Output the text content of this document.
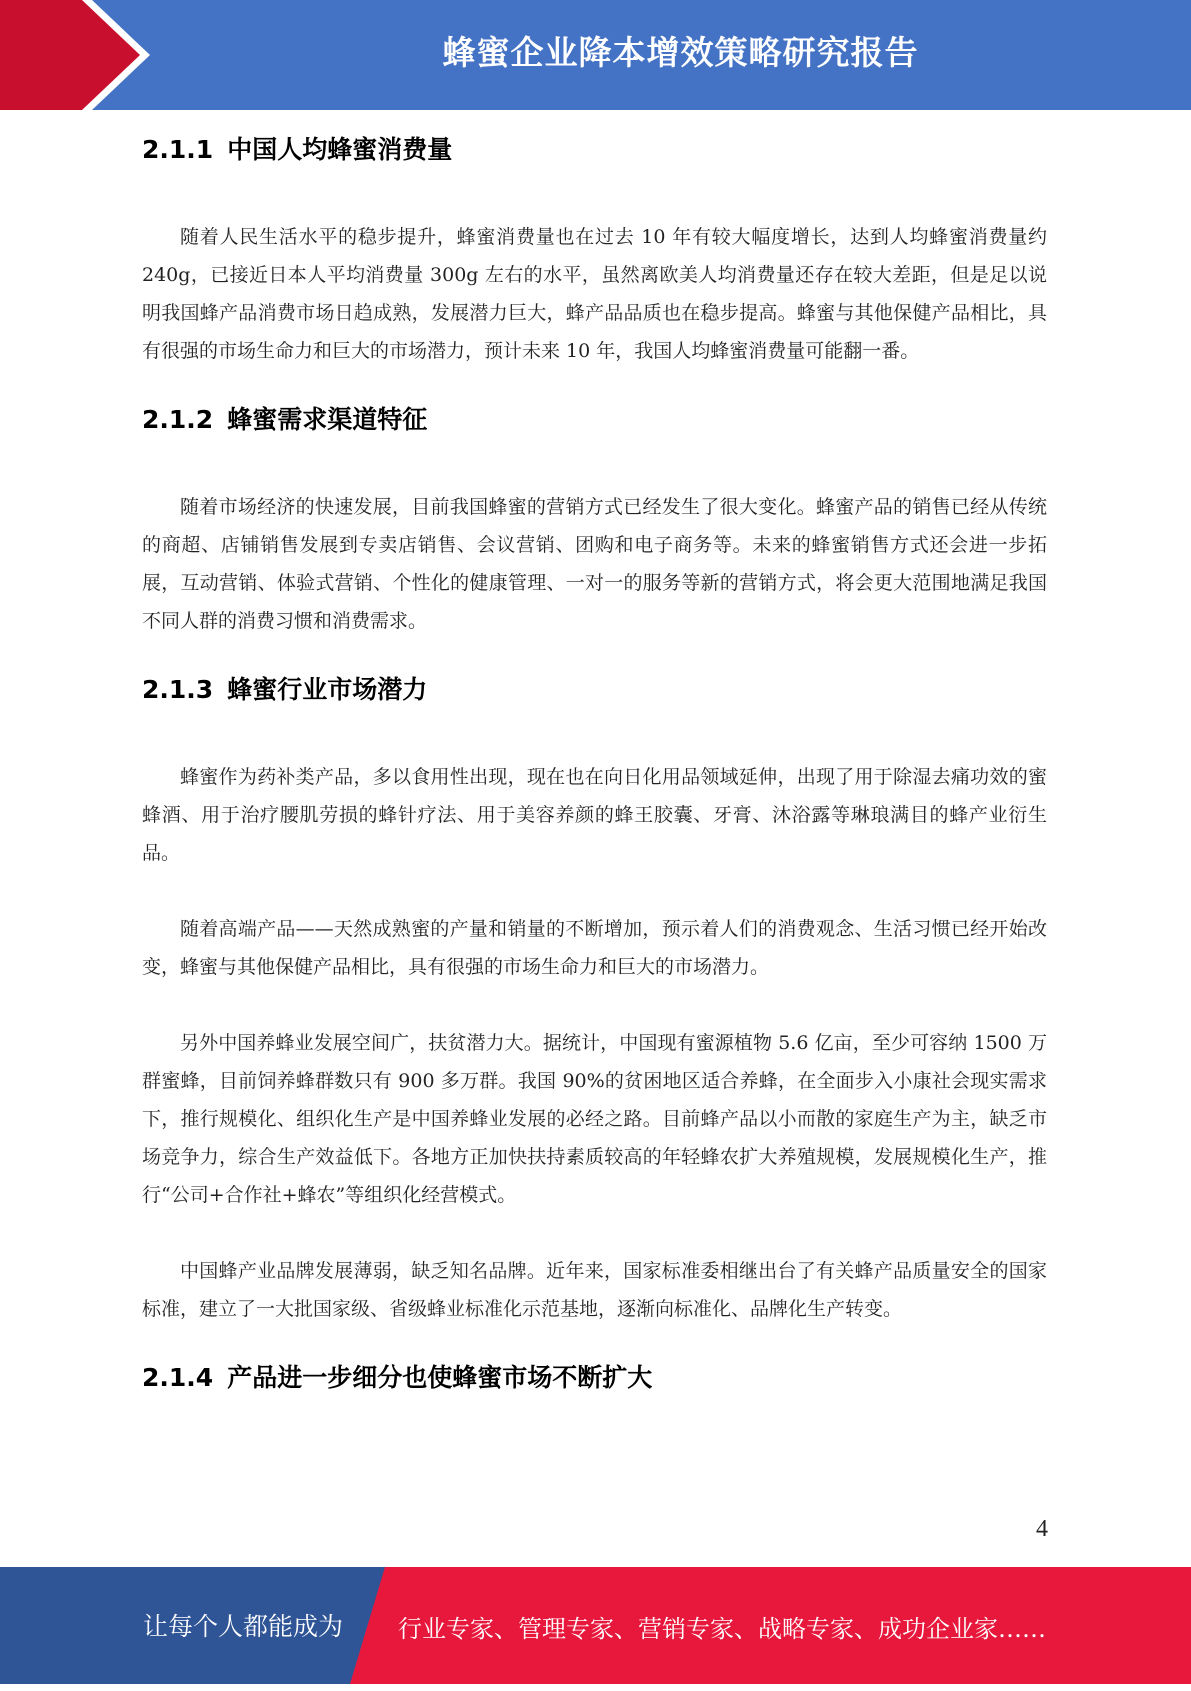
蜂蜜企业降本增效策略研究报告
2.1.1 中国人均蜂蜜消费量

随着人民生活水平的稳步提升，蜂蜜消费量也在过去 10 年有较大幅度增长，达到人均蜂蜜消费量约 240g，已接近日本人平均消费量 300g 左右的水平，虽然离欧美人均消费量还存在较大差距，但是足以说明我国蜂产品消费市场日趋成熟，发展潜力巨大，蜂产品品质也在稳步提高。蜂蜜与其他保健产品相比，具有很强的市场生命力和巨大的市场潜力，预计未来 10 年，我国人均蜂蜜消费量可能翻一番。

2.1.2 蜂蜜需求渠道特征

随着市场经济的快速发展，目前我国蜂蜜的营销方式已经发生了很大变化。蜂蜜产品的销售已经从传统的商超、店铺销售发展到专卖店销售、会议营销、团购和电子商务等。未来的蜂蜜销售方式还会进一步拓展，互动营销、体验式营销、个性化的健康管理、一对一的服务等新的营销方式，将会更大范围地满足我国不同人群的消费习惯和消费需求。

2.1.3 蜂蜜行业市场潜力

蜂蜜作为药补类产品，多以食用性出现，现在也在向日化用品领域延伸，出现了用于除湿去痛功效的蜜蜂酒、用于治疗腰肌劳损的蜂针疗法、用于美容养颜的蜂王胶囊、牙膏、沐浴露等琳琅满目的蜂产业衍生品。

随着高端产品——天然成熟蜜的产量和销量的不断增加，预示着人们的消费观念、生活习惯已经开始改变，蜂蜜与其他保健产品相比，具有很强的市场生命力和巨大的市场潜力。

另外中国养蜂业发展空间广，扶贫潜力大。据统计，中国现有蜜源植物 5.6 亿亩，至少可容纳 1500 万群蜜蜂，目前饲养蜂群数只有 900 多万群。我国 90%的贫困地区适合养蜂，在全面步入小康社会现实需求下，推行规模化、组织化生产是中国养蜂业发展的必经之路。目前蜂产品以小而散的家庭生产为主，缺乏市场竞争力，综合生产效益低下。各地方正加快扶持素质较高的年轻蜂农扩大养殖规模，发展规模化生产，推行“公司+合作社+蜂农”等组织化经营模式。

中国蜂产业品牌发展薄弱，缺乏知名品牌。近年来，国家标准委相继出台了有关蜂产品质量安全的国家标准，建立了一大批国家级、省级蜂业标准化示范基地，逐渐向标准化、品牌化生产转变。

2.1.4 产品进一步细分也使蜂蜜市场不断扩大
4
让每个人都能成为 行业专家、管理专家、营销专家、战略专家、成功企业家……
